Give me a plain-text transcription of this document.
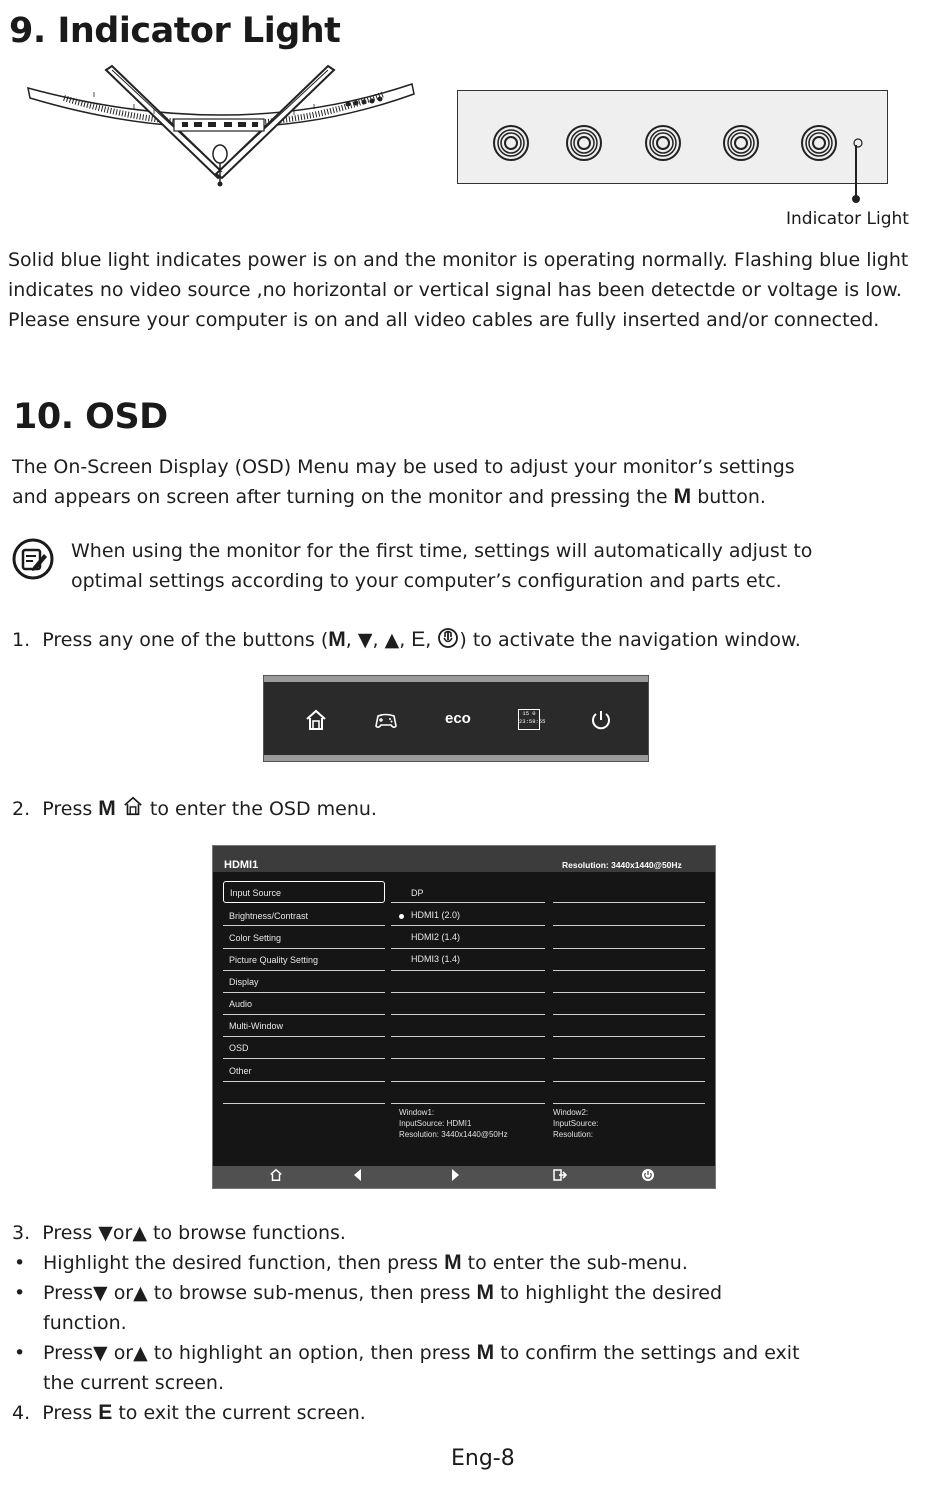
9. Indicator Light
Indicator Light
Solid blue light indicates power is on and the monitor is operating normally. Flashing blue light
indicates no video source ,no horizontal or vertical signal has been detectde or voltage is low.
Please ensure your computer is on and all video cables are fully inserted and/or connected.
10. OSD
The On-Screen Display (OSD) Menu may be used to adjust your monitor’s settings
and appears on screen after turning on the monitor and pressing the M button.
When using the monitor for the first time, settings will automatically adjust to
optimal settings according to your computer’s configuration and parts etc.
1. Press any one of the buttons (M, ▼, ▲, E, ) to activate the navigation window.
eco	15 0
23:59:55
2. Press M to enter the OSD menu.
HDMI1	Resolution: 3440x1440@50Hz
Input Source
Brightness/Contrast
Color Setting
Picture Quality Setting
Display
Audio
Multi-Window
OSD
Other
DP
HDMI1 (2.0)
HDMI2 (1.4)
HDMI3 (1.4)
Window1:
InputSource: HDMI1
Resolution: 3440x1440@50Hz
Window2:
InputSource:
Resolution:
3. Press ▼or▲ to browse functions.
• Highlight the desired function, then press M to enter the sub-menu.
• Press▼ or▲ to browse sub-menus, then press M to highlight the desired
function.
• Press▼ or▲ to highlight an option, then press M to confirm the settings and exit
the current screen.
4. Press E to exit the current screen.
Eng-8
